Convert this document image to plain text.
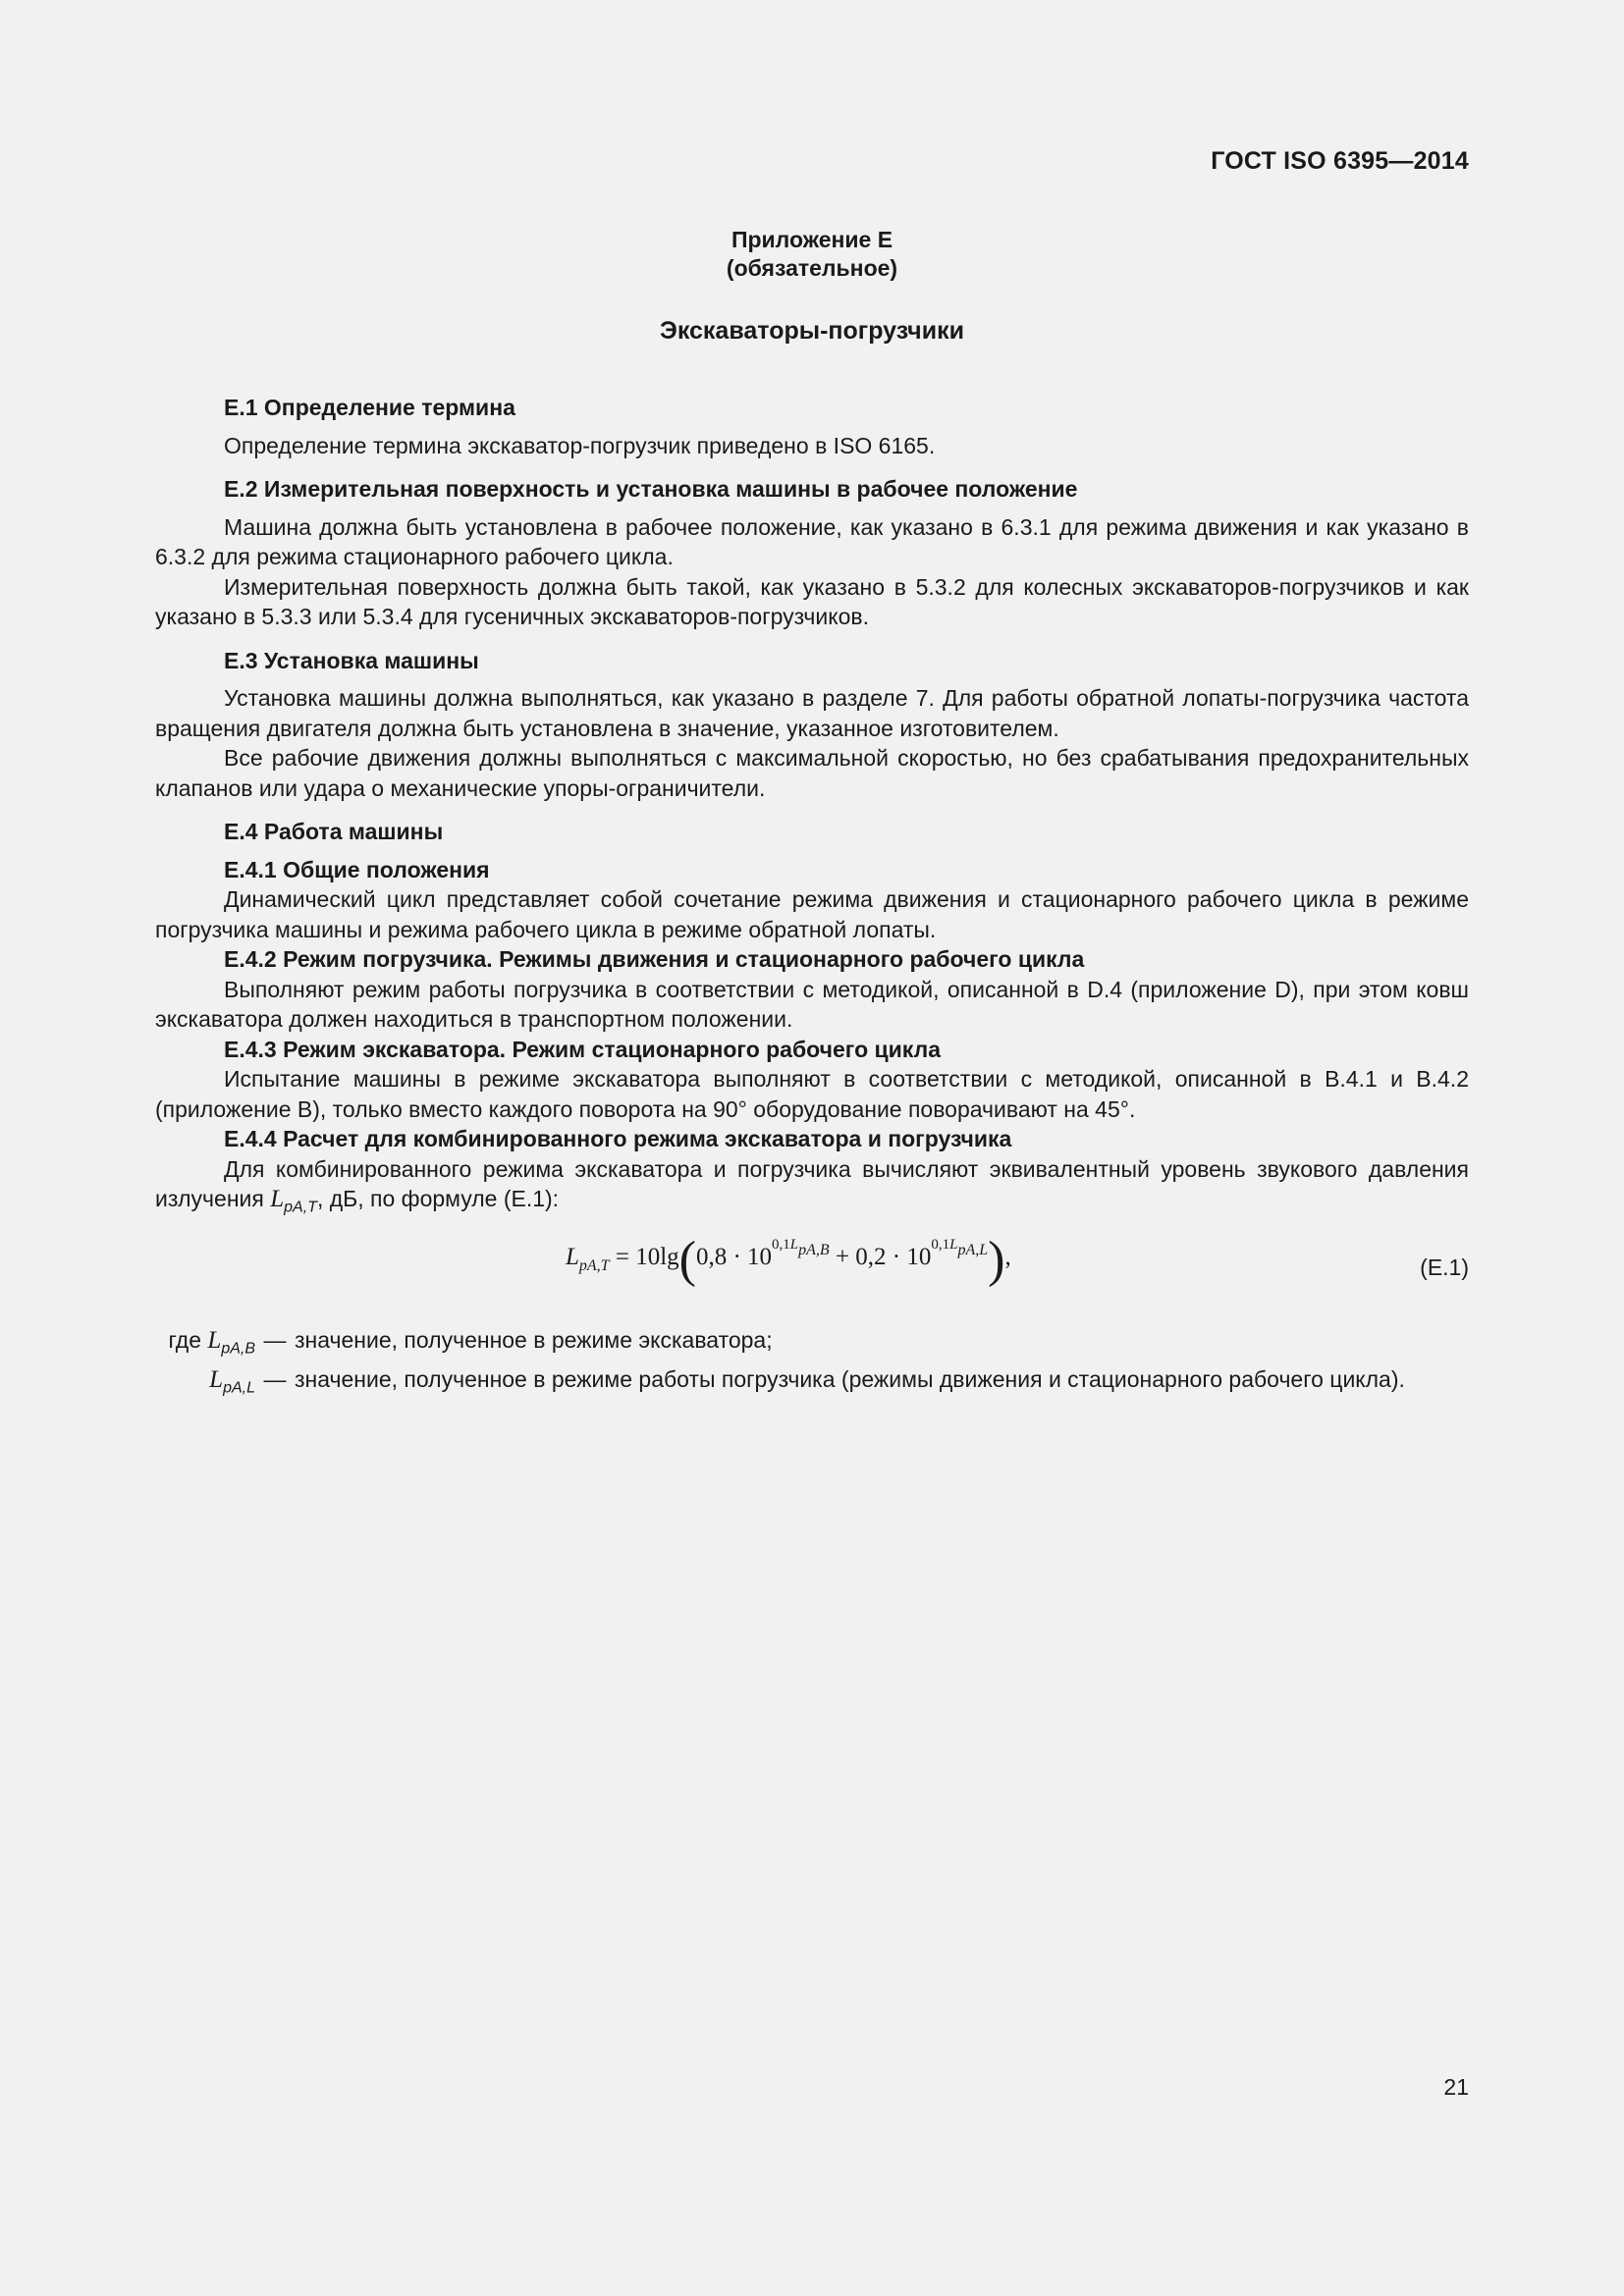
ГОСТ ISO 6395—2014
Приложение Е
(обязательное)
Экскаваторы-погрузчики

Е.1 Определение термина

Определение термина экскаватор-погрузчик приведено в ISO 6165.

Е.2 Измерительная поверхность и установка машины в рабочее положение

Машина должна быть установлена в рабочее положение, как указано в 6.3.1 для режима движения и как указано в 6.3.2 для режима стационарного рабочего цикла.

Измерительная поверхность должна быть такой, как указано в 5.3.2 для колесных экскаваторов-погрузчиков и как указано в 5.3.3 или 5.3.4 для гусеничных экскаваторов-погрузчиков.

Е.3 Установка машины

Установка машины должна выполняться, как указано в разделе 7. Для работы обратной лопаты-погрузчика частота вращения двигателя должна быть установлена в значение, указанное изготовителем.

Все рабочие движения должны выполняться с максимальной скоростью, но без срабатывания предохранительных клапанов или удара о механические упоры-ограничители.

Е.4 Работа машины

Е.4.1 Общие положения

Динамический цикл представляет собой сочетание режима движения и стационарного рабочего цикла в режиме погрузчика машины и режима рабочего цикла в режиме обратной лопаты.

Е.4.2 Режим погрузчика. Режимы движения и стационарного рабочего цикла

Выполняют режим работы погрузчика в соответствии с методикой, описанной в D.4 (приложение D), при этом ковш экскаватора должен находиться в транспортном положении.

Е.4.3 Режим экскаватора. Режим стационарного рабочего цикла

Испытание машины в режиме экскаватора выполняют в соответствии с методикой, описанной в В.4.1 и В.4.2 (приложение В), только вместо каждого поворота на 90° оборудование поворачивают на 45°.

Е.4.4 Расчет для комбинированного режима экскаватора и погрузчика

Для комбинированного режима экскаватора и погрузчика вычисляют эквивалентный уровень звукового давления излучения $L_{pA,T}$, дБ, по формуле (Е.1):

$L_{pA,T} = 10\lg(0,8 \cdot 10^{0,1L_{pA,B}} + 0,2 \cdot 10^{0,1L_{pA,L}})$,	(Е.1)
где $L_{pA,B}$ — значение, полученное в режиме экскаватора;
$L_{pA,L}$ — значение, полученное в режиме работы погрузчика (режимы движения и стационарного рабочего цикла).
21
